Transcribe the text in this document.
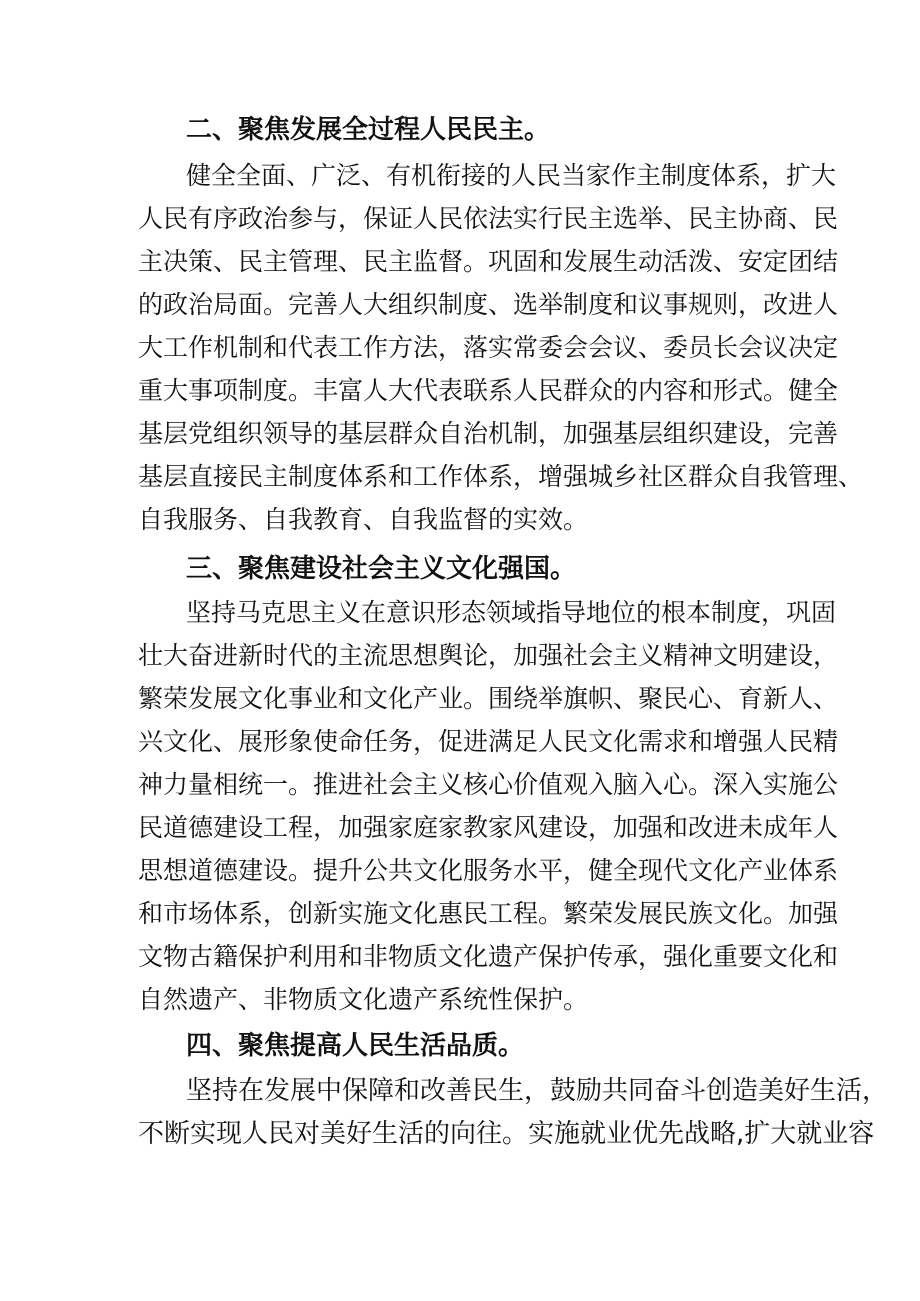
二、聚焦发展全过程人民民主。

健全全面、广泛、有机衔接的人民当家作主制度体系，扩大

人民有序政治参与，保证人民依法实行民主选举、民主协商、民

主决策、民主管理、民主监督。巩固和发展生动活泼、安定团结

的政治局面。完善人大组织制度、选举制度和议事规则，改进人

大工作机制和代表工作方法，落实常委会会议、委员长会议决定

重大事项制度。丰富人大代表联系人民群众的内容和形式。健全

基层党组织领导的基层群众自治机制，加强基层组织建设，完善

基层直接民主制度体系和工作体系，增强城乡社区群众自我管理、

自我服务、自我教育、自我监督的实效。

三、聚焦建设社会主义文化强国。

坚持马克思主义在意识形态领域指导地位的根本制度，巩固

壮大奋进新时代的主流思想舆论，加强社会主义精神文明建设，

繁荣发展文化事业和文化产业。围绕举旗帜、聚民心、育新人、

兴文化、展形象使命任务，促进满足人民文化需求和增强人民精

神力量相统一。推进社会主义核心价值观入脑入心。深入实施公

民道德建设工程，加强家庭家教家风建设，加强和改进未成年人

思想道德建设。提升公共文化服务水平，健全现代文化产业体系

和市场体系，创新实施文化惠民工程。繁荣发展民族文化。加强

文物古籍保护利用和非物质文化遗产保护传承，强化重要文化和

自然遗产、非物质文化遗产系统性保护。

四、聚焦提高人民生活品质。

坚持在发展中保障和改善民生，鼓励共同奋斗创造美好生活，

不断实现人民对美好生活的向往。实施就业优先战略,扩大就业容
